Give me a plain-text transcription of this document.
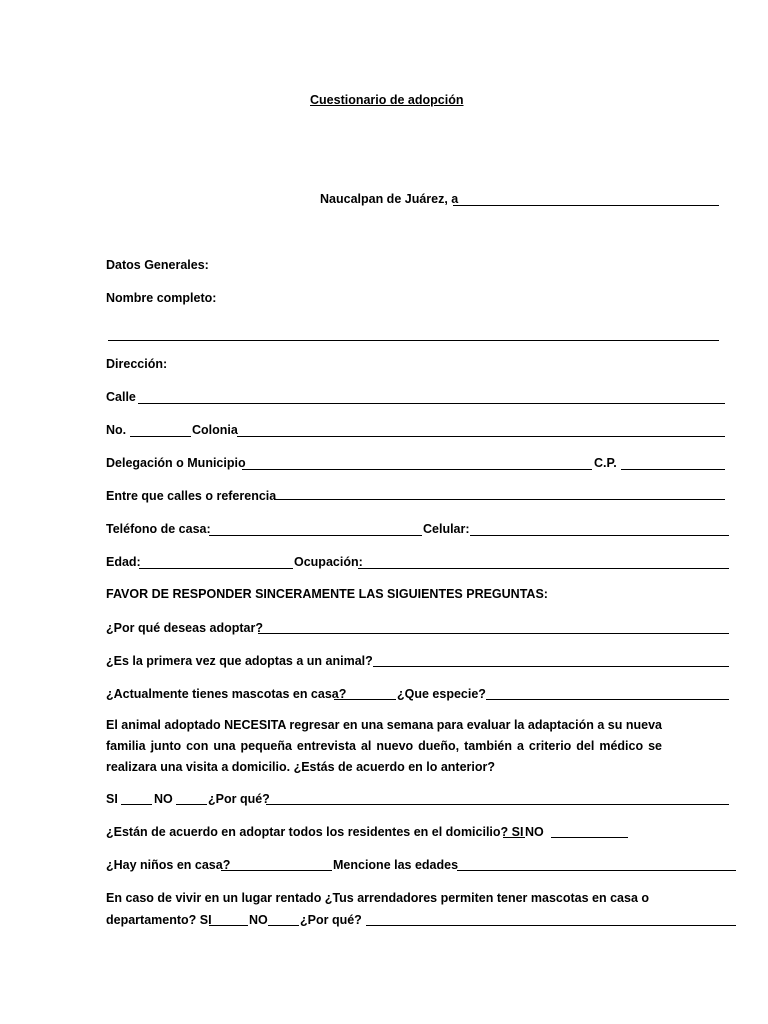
Cuestionario de adopción
Naucalpan de Juárez, a
Datos Generales:
Nombre completo:
Dirección:
Calle
No.	Colonia
Delegación o Municipio	C.P.
Entre que calles o referencia
Teléfono de casa:	Celular:
Edad:	Ocupación:
FAVOR DE RESPONDER SINCERAMENTE LAS SIGUIENTES PREGUNTAS:
¿Por qué deseas adoptar?
¿Es la primera vez que adoptas a un animal?
¿Actualmente tienes mascotas en casa?	¿Que especie?
El animal adoptado NECESITA regresar en una semana para evaluar la adaptación a su nueva familia junto con una pequeña entrevista al nuevo dueño, también a criterio del médico se realizara una visita a domicilio. ¿Estás de acuerdo en lo anterior?
SI	NO	¿Por qué?
¿Están de acuerdo en adoptar todos los residentes en el domicilio? SI NO
¿Hay niños en casa?	Mencione las edades
En caso de vivir en un lugar rentado ¿Tus arrendadores permiten tener mascotas en casa o
departamento? SI	NO	¿Por qué?
